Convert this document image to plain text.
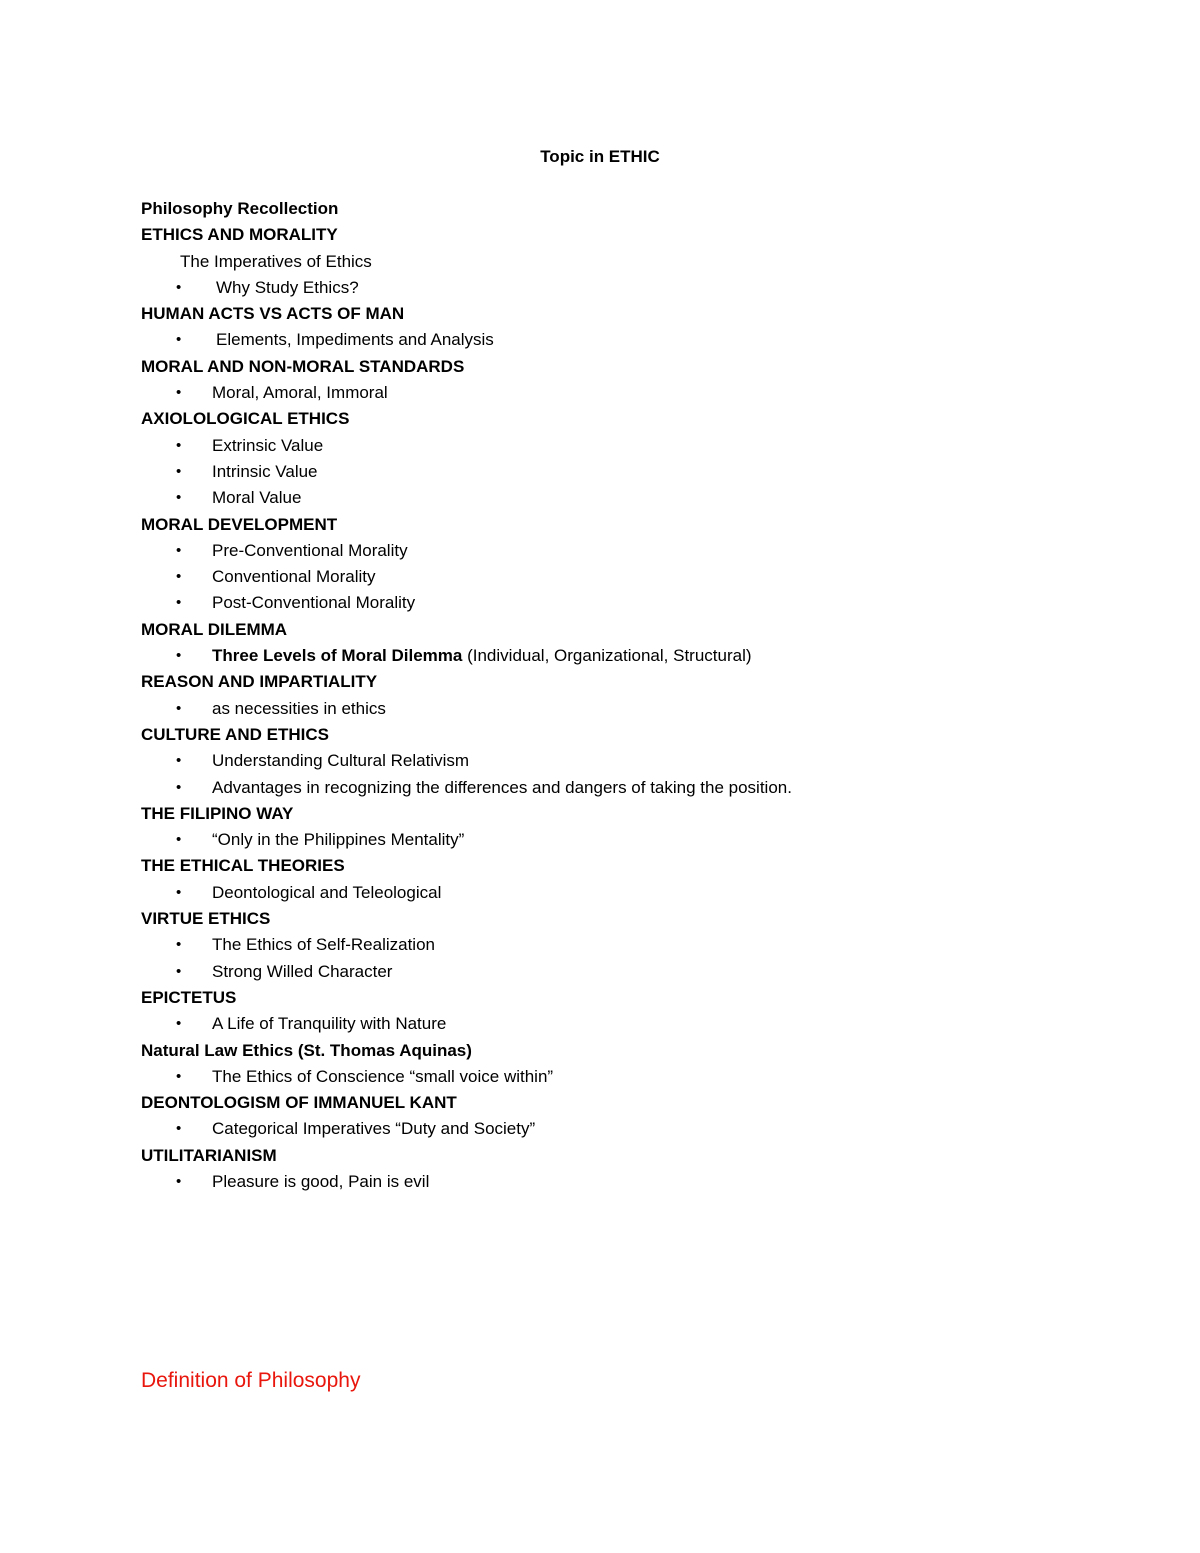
Topic in ETHIC
Philosophy Recollection
ETHICS AND MORALITY
The Imperatives of Ethics
• Why Study Ethics?
HUMAN ACTS VS ACTS OF MAN
• Elements, Impediments and Analysis
MORAL AND NON-MORAL STANDARDS
• Moral, Amoral, Immoral
AXIOLOLOGICAL ETHICS
• Extrinsic Value
• Intrinsic Value
• Moral Value
MORAL DEVELOPMENT
• Pre-Conventional Morality
• Conventional Morality
• Post-Conventional Morality
MORAL DILEMMA
• Three Levels of Moral Dilemma (Individual, Organizational, Structural)
REASON AND IMPARTIALITY
• as necessities in ethics
CULTURE AND ETHICS
• Understanding Cultural Relativism
• Advantages in recognizing the differences and dangers of taking the position.
THE FILIPINO WAY
• “Only in the Philippines Mentality”
THE ETHICAL THEORIES
• Deontological and Teleological
VIRTUE ETHICS
• The Ethics of Self-Realization
• Strong Willed Character
EPICTETUS
• A Life of Tranquility with Nature
Natural Law Ethics (St. Thomas Aquinas)
• The Ethics of Conscience “small voice within”
DEONTOLOGISM OF IMMANUEL KANT
• Categorical Imperatives “Duty and Society”
UTILITARIANISM
• Pleasure is good, Pain is evil
Definition of Philosophy
